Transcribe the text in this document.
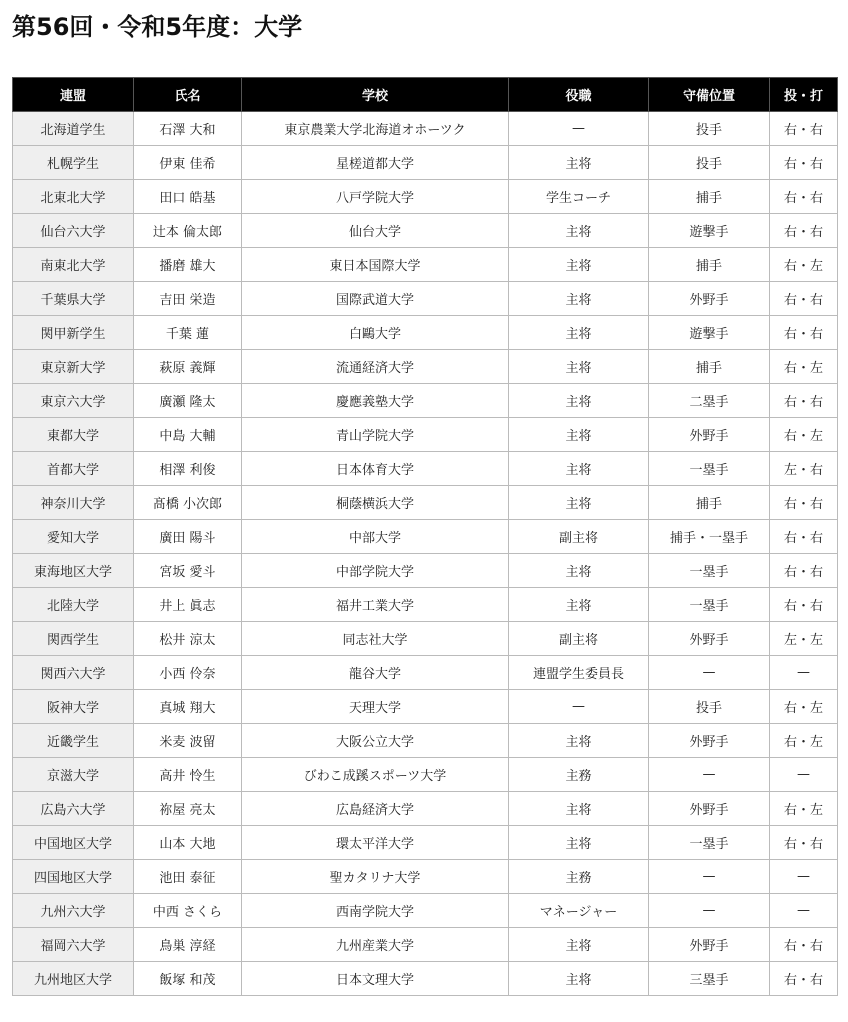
第56回・令和5年度：大学
連盟	氏名	学校	役職	守備位置	投・打
北海道学生	石澤 大和	東京農業大学北海道オホーツク	—	投手	右・右
札幌学生	伊東 佳希	星槎道都大学	主将	投手	右・右
北東北大学	田口 皓基	八戸学院大学	学生コーチ	捕手	右・右
仙台六大学	辻本 倫太郎	仙台大学	主将	遊撃手	右・右
南東北大学	播磨 雄大	東日本国際大学	主将	捕手	右・左
千葉県大学	吉田 栄造	国際武道大学	主将	外野手	右・右
関甲新学生	千葉 蓮	白鷗大学	主将	遊撃手	右・右
東京新大学	萩原 義輝	流通経済大学	主将	捕手	右・左
東京六大学	廣瀬 隆太	慶應義塾大学	主将	二塁手	右・右
東都大学	中島 大輔	青山学院大学	主将	外野手	右・左
首都大学	相澤 利俊	日本体育大学	主将	一塁手	左・右
神奈川大学	髙橋 小次郎	桐蔭横浜大学	主将	捕手	右・右
愛知大学	廣田 陽斗	中部大学	副主将	捕手・一塁手	右・右
東海地区大学	宮坂 愛斗	中部学院大学	主将	一塁手	右・右
北陸大学	井上 眞志	福井工業大学	主将	一塁手	右・右
関西学生	松井 涼太	同志社大学	副主将	外野手	左・左
関西六大学	小西 伶奈	龍谷大学	連盟学生委員長	—	—
阪神大学	真城 翔大	天理大学	—	投手	右・左
近畿学生	米麦 波留	大阪公立大学	主将	外野手	右・左
京滋大学	高井 怜生	びわこ成蹊スポーツ大学	主務	—	—
広島六大学	祢屋 亮太	広島経済大学	主将	外野手	右・左
中国地区大学	山本 大地	環太平洋大学	主将	一塁手	右・右
四国地区大学	池田 泰征	聖カタリナ大学	主務	—	—
九州六大学	中西 さくら	西南学院大学	マネージャー	—	—
福岡六大学	鳥巣 淳経	九州産業大学	主将	外野手	右・右
九州地区大学	飯塚 和茂	日本文理大学	主将	三塁手	右・右
